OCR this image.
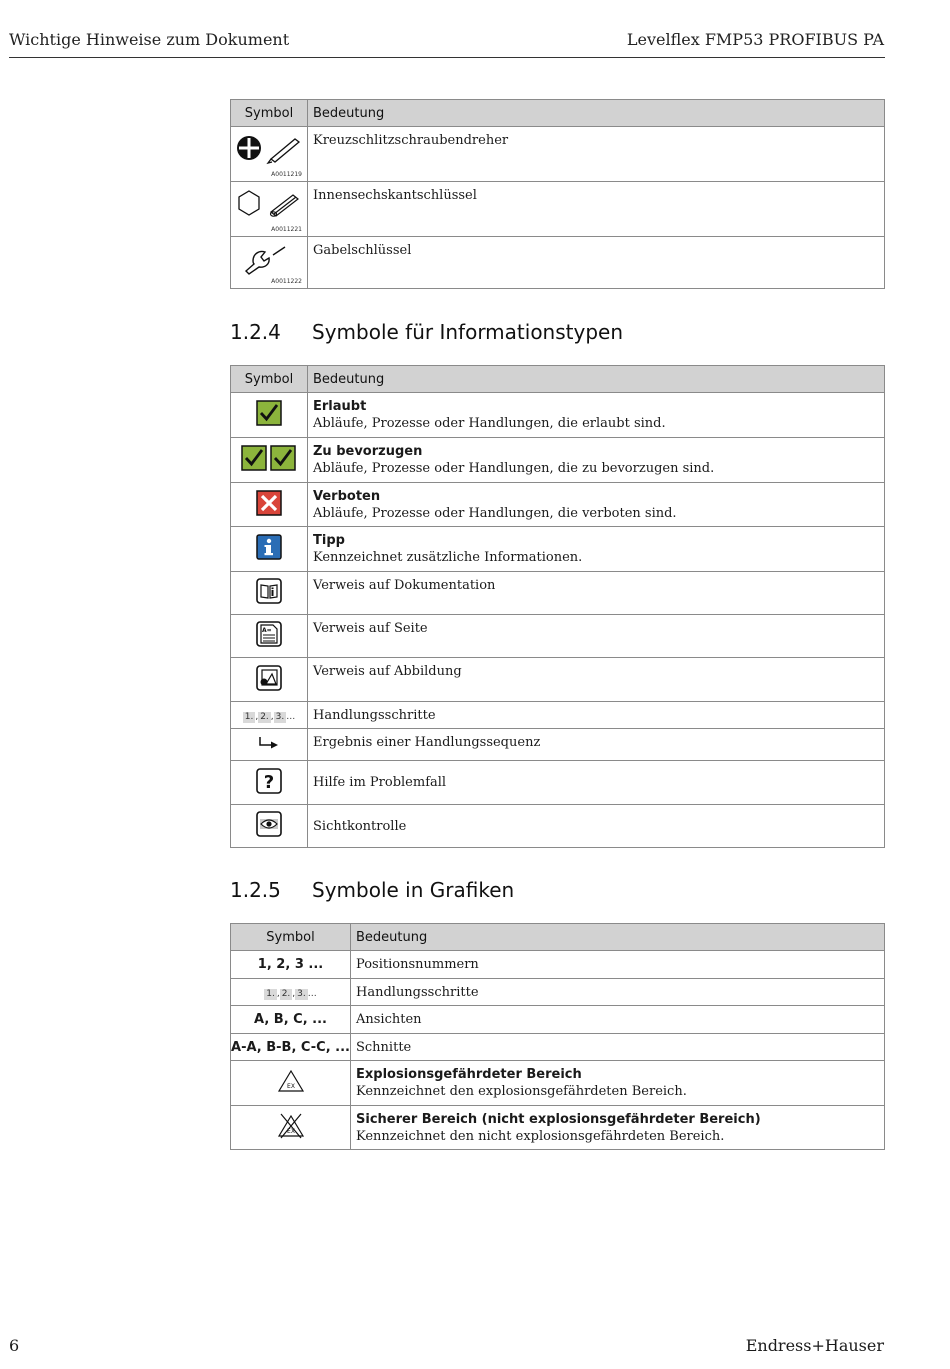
Wichtige Hinweise zum Dokument	Levelflex FMP53 PROFIBUS PA
Symbol	Bedeutung

A0011219	Kreuzschlitzschraubendreher

A0011221	Innensechskantschlüssel

A0011222	Gabelschlüssel
1.2.4 Symbole für Informationstypen
Symbol	Bedeutung

Erlaubt
Abläufe, Prozesse oder Handlungen, die erlaubt sind.

Zu bevorzugen
Abläufe, Prozesse oder Handlungen, die zu bevorzugen sind.

Verboten
Abläufe, Prozesse oder Handlungen, die verboten sind.

Tipp
Kennzeichnet zusätzliche Informationen.

	Verweis auf Dokumentation

A=	Verweis auf Seite
	Verweis auf Abbildung
1. , 2. , 3. …	Handlungsschritte
	Ergebnis einer Handlungssequenz

?	Hilfe im Problemfall
	Sichtkontrolle
1.2.5 Symbole in Grafiken
Symbol	Bedeutung
1, 2, 3 ...	Positionsnummern
1. , 2. , 3. …	Handlungsschritte
A, B, C, ...	Ansichten
A-A, B-B, C-C, ...	Schnitte

EX	Explosionsgefährdeter Bereich
Kennzeichnet den explosionsgefährdeten Bereich.

EX	Sicherer Bereich (nicht explosionsgefährdeter Bereich)
Kennzeichnet den nicht explosionsgefährdeten Bereich.
6	Endress+Hauser
